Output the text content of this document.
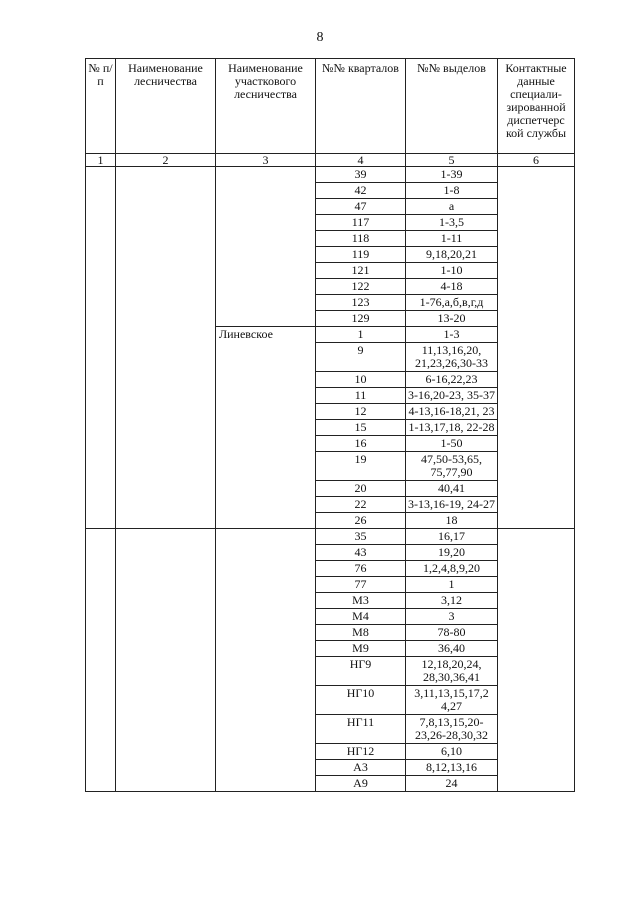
8
№ п/п	Наименование лесничества	Наименование участкового лесничества	№№ кварталов	№№ выделов	Контактные данные специали-зированной диспетчерс кой службы
1	2	3	4	5	6
			39	1-39	
			42	1-8	
			47	а	
			117	1-3,5	
			118	1-11	
			119	9,18,20,21	
			121	1-10	
			122	4-18	
			123	1-76,а,б,в,г,д	
			129	13-20	
		Линевское	1	1-3	
			9	11,13,16,20, 21,23,26,30-33	
			10	6-16,22,23	
			11	3-16,20-23, 35-37	
			12	4-13,16-18,21, 23	
			15	1-13,17,18, 22-28	
			16	1-50	
			19	47,50-53,65, 75,77,90	
			20	40,41	
			22	3-13,16-19, 24-27	
			26	18	
			35	16,17	
			43	19,20	
			76	1,2,4,8,9,20	
			77	1	
			М3	3,12	
			М4	3	
			М8	78-80	
			М9	36,40	
			НГ9	12,18,20,24, 28,30,36,41	
			НГ10	3,11,13,15,17,2 4,27	
			НГ11	7,8,13,15,20- 23,26-28,30,32	
			НГ12	6,10	
			А3	8,12,13,16	
			А9	24	
